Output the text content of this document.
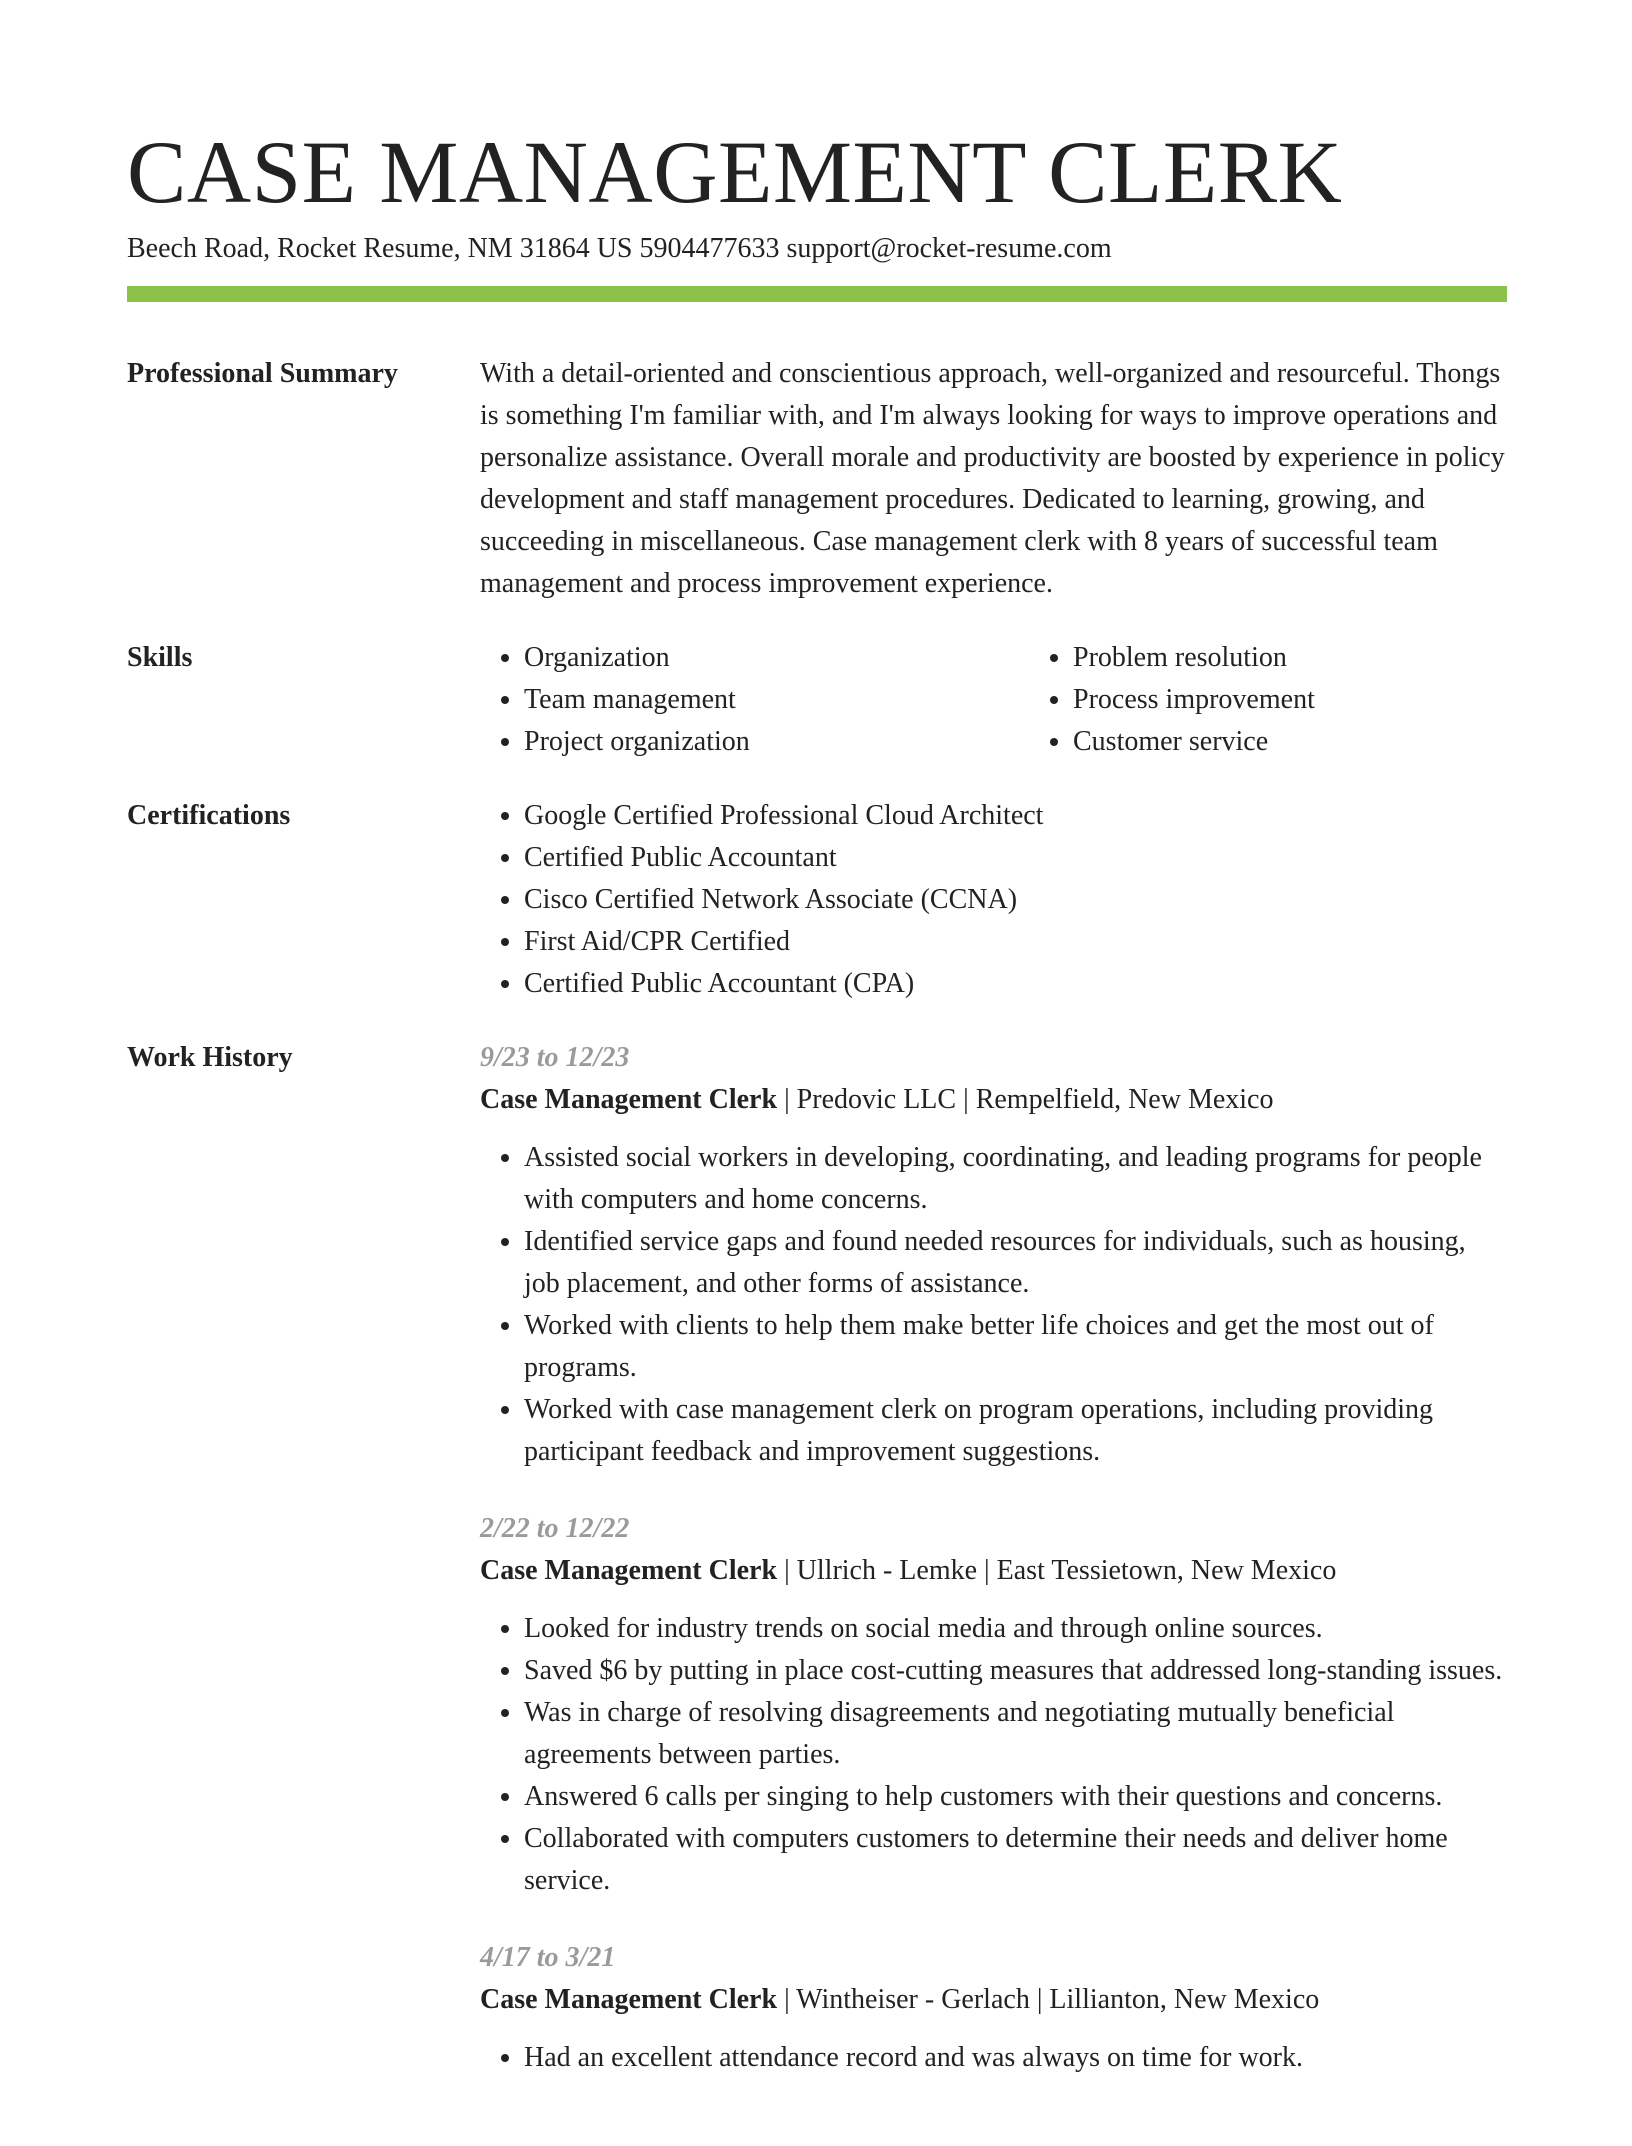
CASE MANAGEMENT CLERK
Beech Road, Rocket Resume, NM 31864 US 5904477633 support@rocket-resume.com
Professional Summary	With a detail-oriented and conscientious approach, well-organized and resourceful. Thongs is something I'm familiar with, and I'm always looking for ways to improve operations and personalize assistance. Overall morale and productivity are boosted by experience in policy development and staff management procedures. Dedicated to learning, growing, and succeeding in miscellaneous. Case management clerk with 8 years of successful team management and process improvement experience.

Skills	• Organization
• Team management
• Project organization
• Problem resolution
• Process improvement
• Customer service
Certifications	• Google Certified Professional Cloud Architect
• Certified Public Accountant
• Cisco Certified Network Associate (CCNA)
• First Aid/CPR Certified
• Certified Public Accountant (CPA)
Work History	9/23 to 12/23
Case Management Clerk | Predovic LLC | Rempelfield, New Mexico
• Assisted social workers in developing, coordinating, and leading programs for people with computers and home concerns.
• Identified service gaps and found needed resources for individuals, such as housing, job placement, and other forms of assistance.
• Worked with clients to help them make better life choices and get the most out of programs.
• Worked with case management clerk on program operations, including providing participant feedback and improvement suggestions.
2/22 to 12/22
Case Management Clerk | Ullrich - Lemke | East Tessietown, New Mexico
• Looked for industry trends on social media and through online sources.
• Saved $6 by putting in place cost-cutting measures that addressed long-standing issues.
• Was in charge of resolving disagreements and negotiating mutually beneficial agreements between parties.
• Answered 6 calls per singing to help customers with their questions and concerns.
• Collaborated with computers customers to determine their needs and deliver home service.
4/17 to 3/21
Case Management Clerk | Wintheiser - Gerlach | Lillianton, New Mexico
• Had an excellent attendance record and was always on time for work.
